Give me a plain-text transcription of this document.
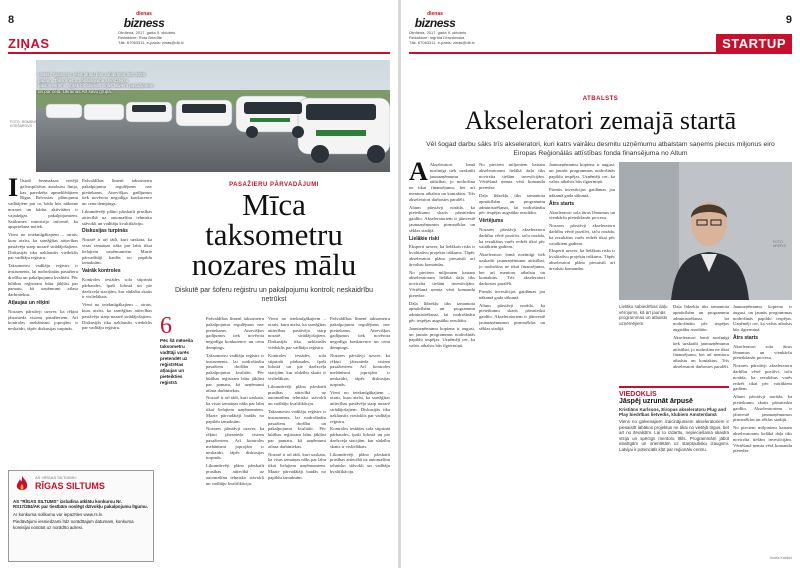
8
ZIŅAS
dienas
bizness
Otrdiena, 2017. gada 9. oktobris
Redaktore: Rota Briedīte
Tālr. 67063311, e-pasts: zinas@db.lv
Lielāks īpatsvars nekā jaunu būs sabiedrībā līdz 2020. gadam. Taksometru pakalpojumu sniedzēji ar taksometriem. Agrāk biz-dienas ziņas saviem pasažieriem un par ceļa. Ukrainas Arī savu grupa.
FOTO: ROMĀNS KOKŠAROVS
I Ilstoši bezmaksas vietējā galvaspilsētas autobusu līnija, kas paredzēta apmeklētājiem Rīgas Brīvostas plānojumu vadītājiem par to, kāda būs nākotne nozarei un kādas aktivitātes ir vajadzīgas pakalpojumiem. Satiksmes ministrija informē, ka apspriešana notiek.
Vieni no ietekmīgākajiem – otrais, kuru atzīst, ka sarežģītas attiecības pastāvēja starp nozarē strādājošajiem. Diskusijās tika uzklausīts viedoklis par vadītāju reģistru.
Taksometru vadītāju reģistrs ir instruments, lai nodrošinātu pasažieru drošību un pakalpojumu kvalitāti. Pēc būtības reģistram būtu jākļūst par pamatu, kā uzņēmumi atlasa darbiniekus.
Atļaujas un rēķini
Nozares pārstāvji uzsver, ka rēķini jāizsniedz visiem pasažieriem. Arī kontroles mehānismi joprojām ir neskaidri, tāpēc diskusijas turpinās.
Pašvaldības līmenī taksometru pakalpojumu regulējums nav pietiekams. Atsevišķos gadījumos tiek novērota negodīga konkurence un cenu dempings.
Likumdevēji plāno pārskatīt prasības attiecībā uz automašīnu tehnisko stāvokli un vadītāju kvalifikāciju.
Diskusijas turpinās
Nozarē ir arī tādi, kuri uzskata, ka visas izmaiņas nāks par labu tikai lielajiem uzņēmumiem. Mazie pārvadātāji baidās no papildu izmaksām.
Vairāk kontroles
Kontroles iestādes sola stiprināt pārbaudes, īpaši lidostā un pie dzelzceļa stacijām, kur sūdzību skaits ir vislielākais.
Vieni no ietekmīgākajiem – otrais, kuru atzīst, ka sarežģītas attiecības pastāvēja starp nozarē strādājošajiem. Diskusijās tika uzklausīts viedoklis par vadītāju reģistru.
PASAŽIERU PĀRVADĀJUMI
Mīca
taksometru
nozares mālu
Diskutē par šoferu reģistru un pakalpojumu kontroli; neskaidrību netrūkst
6
Pēc šā mēneša taksometru vadītāji varēs pretendēt uz reģistrētas atļaujas un pieteikties reģistrā
Pašvaldības līmenī taksometru pakalpojumu regulējums nav pietiekams. Atsevišķos gadījumos tiek novērota negodīga konkurence un cenu dempings.
Taksometru vadītāju reģistrs ir instruments, lai nodrošinātu pasažieru drošību un pakalpojumu kvalitāti. Pēc būtības reģistram būtu jākļūst par pamatu, kā uzņēmumi atlasa darbiniekus.
Nozarē ir arī tādi, kuri uzskata, ka visas izmaiņas nāks par labu tikai lielajiem uzņēmumiem. Mazie pārvadātāji baidās no papildu izmaksām.
Nozares pārstāvji uzsver, ka rēķini jāizsniedz visiem pasažieriem. Arī kontroles mehānismi joprojām ir neskaidri, tāpēc diskusijas turpinās.
Likumdevēji plāno pārskatīt prasības attiecībā uz automašīnu tehnisko stāvokli un vadītāju kvalifikāciju.
Vieni no ietekmīgākajiem – otrais, kuru atzīst, ka sarežģītas attiecības pastāvēja starp nozarē strādājošajiem. Diskusijās tika uzklausīts viedoklis par vadītāju reģistru.
Kontroles iestādes sola stiprināt pārbaudes, īpaši lidostā un pie dzelzceļa stacijām, kur sūdzību skaits ir vislielākais.
Likumdevēji plāno pārskatīt prasības attiecībā uz automašīnu tehnisko stāvokli un vadītāju kvalifikāciju.
Taksometru vadītāju reģistrs ir instruments, lai nodrošinātu pasažieru drošību un pakalpojumu kvalitāti. Pēc būtības reģistram būtu jākļūst par pamatu, kā uzņēmumi atlasa darbiniekus.
Nozarē ir arī tādi, kuri uzskata, ka visas izmaiņas nāks par labu tikai lielajiem uzņēmumiem. Mazie pārvadātāji baidās no papildu izmaksām.
Pašvaldības līmenī taksometru pakalpojumu regulējums nav pietiekams. Atsevišķos gadījumos tiek novērota negodīga konkurence un cenu dempings.
Nozares pārstāvji uzsver, ka rēķini jāizsniedz visiem pasažieriem. Arī kontroles mehānismi joprojām ir neskaidri, tāpēc diskusijas turpinās.
Vieni no ietekmīgākajiem – otrais, kuru atzīst, ka sarežģītas attiecības pastāvēja starp nozarē strādājošajiem. Diskusijās tika uzklausīts viedoklis par vadītāju reģistru.
Kontroles iestādes sola stiprināt pārbaudes, īpaši lidostā un pie dzelzceļa stacijām, kur sūdzību skaits ir vislielākais.
Likumdevēji plāno pārskatīt prasības attiecībā uz automašīnu tehnisko stāvokli un vadītāju kvalifikāciju.
AS «RĪGAS SILTUMS»
RĪGAS SILTUMS
AS "RĪGAS SILTUMS" izsludina atklātu konkursu Nr. RS17/284/AK par tiesībām noslēgt dzīvokļu pakalpojumu līgumu.
Ar konkursa nolikumu var iepazīties www.rs.lv.
Piedāvājumi iesniedzami līdz norādītajam datumam, konkursa komisijai nosūtot uz norādīto adresi.
9
STARTUP
dienas
bizness
Otrdiena, 2017. gada 9. oktobris
Redaktore: Ingrīda Drazdovska
Tālr. 67063311, e-pasts: zinas@db.lv
ATBALSTS
Akseleratori zemajā startā
Vēl šogad darbu sāks trīs akseleratori, kuri katrs vairāku desmitu uzņēmumu atbalstam saņems piecus miljonus eiro Eiropas Reģionālās attīstības fonda finansējuma no Altum
A Akseleratori lomā nozīmīgi tiek uzskatīti jaunuzņēmumu attīstībai, jo nodrošina ne tikai finansējumu, bet arī mentoru atbalstu un kontaktus. Trīs akseleratori darbosies paralēli.
Altum pārstāvji norāda, ka pieteikumu skaits pārsniedza gaidīto. Akseleratoriem ir jāinvestē jaunuzņēmumos pirmssēklas un sēklas stadijā.
Lielākie riski
Eksperti uzsver, ka lielākais risks ir kvalitatīvu projektu trūkums. Tāpēc akseleratori plāno piesaistīt arī ārvalstu komandas.
No pieciem miljoniem katram akseleratoram lielākā daļa tiks novirzīta tiešām investīcijām. Vērtēšanā ņemta vērā komandu pieredze.
Daļa līdzekļu tiks izmantota apmācībām un programmu administrēšanai, lai nodrošinātu pēc iespējas augstāku rezultātu.
Jaunuzņēmumu kopiena ir augusi, un jaunās programmas nodrošinās papildu iespējas. Uzņēmēji cer, ka valsts atbalsts būs ilgtermiņā.
No pieciem miljoniem katram akseleratoram lielākā daļa tiks novirzīta tiešām investīcijām. Vērtēšanā ņemta vērā komandu pieredze.
Daļa līdzekļu tiks izmantota apmācībām un programmu administrēšanai, lai nodrošinātu pēc iespējas augstāku rezultātu.
Vērtējums
Nozares pārstāvji akseleratoru darbību vērtē pozitīvi, taču norāda, ka rezultātus varēs redzēt tikai pēc vairākiem gadiem.
Akseleratori lomā nozīmīgi tiek uzskatīti jaunuzņēmumu attīstībai, jo nodrošina ne tikai finansējumu, bet arī mentoru atbalstu un kontaktus. Trīs akseleratori darbosies paralēli.
Pirmās investīcijas gaidāmas jau nākamā gada sākumā.
Altum pārstāvji norāda, ka pieteikumu skaits pārsniedza gaidīto. Akseleratoriem ir jāinvestē jaunuzņēmumos pirmssēklas un sēklas stadijā.
Jaunuzņēmumu kopiena ir augusi, un jaunās programmas nodrošinās papildu iespējas. Uzņēmēji cer, ka valsts atbalsts būs ilgtermiņā.
Pirmās investīcijas gaidāmas jau nākamā gada sākumā.
Ātrs starts
Akseleratori sola ātrus lēmumus un vienkāršu pieteikšanās procesu.
Nozares pārstāvji akseleratoru darbību vērtē pozitīvi, taču norāda, ka rezultātus varēs redzēt tikai pēc vairākiem gadiem.
Eksperti uzsver, ka lielākais risks ir kvalitatīvu projektu trūkums. Tāpēc akseleratori plāno piesaistīt arī ārvalstu komandas.
FOTO: ARHĪVS
Lielāko sabiedrības daļu vērojums, kā arī jaunās programmas un atbalsts uzņēmējiem.
Daļa līdzekļu tiks izmantota apmācībām un programmu administrēšanai, lai nodrošinātu pēc iespējas augstāku rezultātu.
Akseleratori lomā nozīmīgi tiek uzskatīti jaunuzņēmumu attīstībai, jo nodrošina ne tikai finansējumu, bet arī mentoru atbalstu un kontaktus. Trīs akseleratori darbosies paralēli.
Jaunuzņēmumu kopiena ir augusi, un jaunās programmas nodrošinās papildu iespējas. Uzņēmēji cer, ka valsts atbalsts būs ilgtermiņā.
Ātrs starts
Akseleratori sola ātrus lēmumus un vienkāršu pieteikšanās procesu.
Nozares pārstāvji akseleratoru darbību vērtē pozitīvi, taču norāda, ka rezultātus varēs redzēt tikai pēc vairākiem gadiem.
Altum pārstāvji norāda, ka pieteikumu skaits pārsniedza gaidīto. Akseleratoriem ir jāinvestē jaunuzņēmumos pirmssēklas un sēklas stadijā.
No pieciem miljoniem katram akseleratoram lielākā daļa tiks novirzīta tiešām investīcijām. Vērtēšanā ņemta vērā komandu pieredze.
VIEDOKLIS
Jāspēj uzrunāt ārpusē
Kristiāns Karlsons, Eiropas akseleratoru Plug and Play biedrības lietvedis, klubiem Amsterdamā
Viens no galvenajiem izaicinājumiem akseleratoriem ir piesaistīt labākos projektus ne tikai no vietējā tirgus, bet arī no ārvalstīm. Lai to izdarītu, nepieciešama skaidra vīzija un spēcīgs mentoru tīkls. Programmām jābūt elastīgām un orientētām uz starptautisku izaugsmi. Latvijai ir potenciāls kļūt par reģionālu centru.
Andris Kalniņš
